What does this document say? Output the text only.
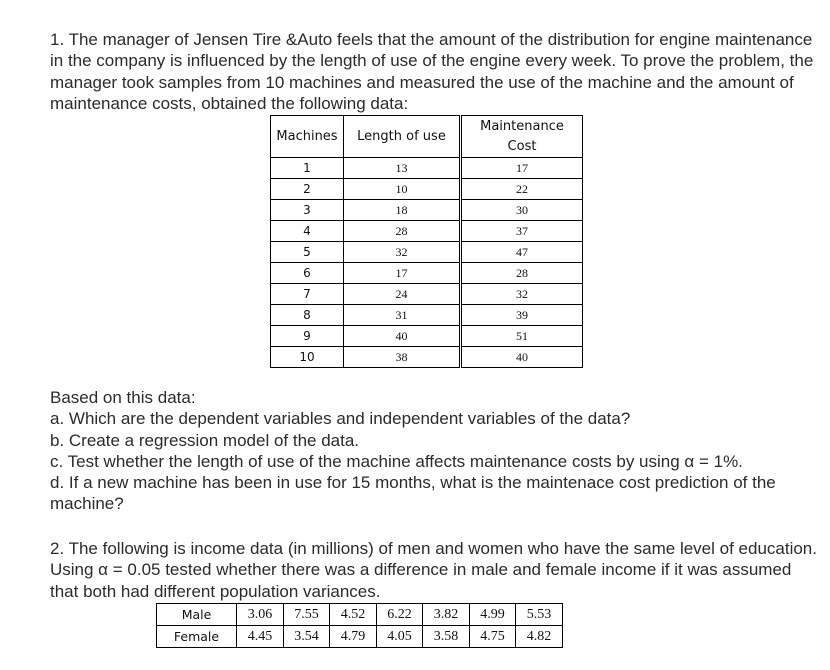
1. The manager of Jensen Tire &Auto feels that the amount of the distribution for engine maintenance in the company is influenced by the length of use of the engine every week. To prove the problem, the manager took samples from 10 machines and measured the use of the machine and the amount of maintenance costs, obtained the following data:
Machines	Length of use	Maintenance
Cost

1	13	17
2	10	22
3	18	30
4	28	37
5	32	47
6	17	28
7	24	32
8	31	39
9	40	51
10	38	40

Based on this data:

a. Which are the dependent variables and independent variables of the data?

b. Create a regression model of the data.

c. Test whether the length of use of the machine affects maintenance costs by using α = 1%.

d. If a new machine has been in use for 15 months, what is the maintenace cost prediction of the machine?

2. The following is income data (in millions) of men and women who have the same level of education. Using α = 0.05 tested whether there was a difference in male and female income if it was assumed that both had different population variances.
Male	3.06	7.55	4.52	6.22	3.82	4.99	5.53
Female	4.45	3.54	4.79	4.05	3.58	4.75	4.82
